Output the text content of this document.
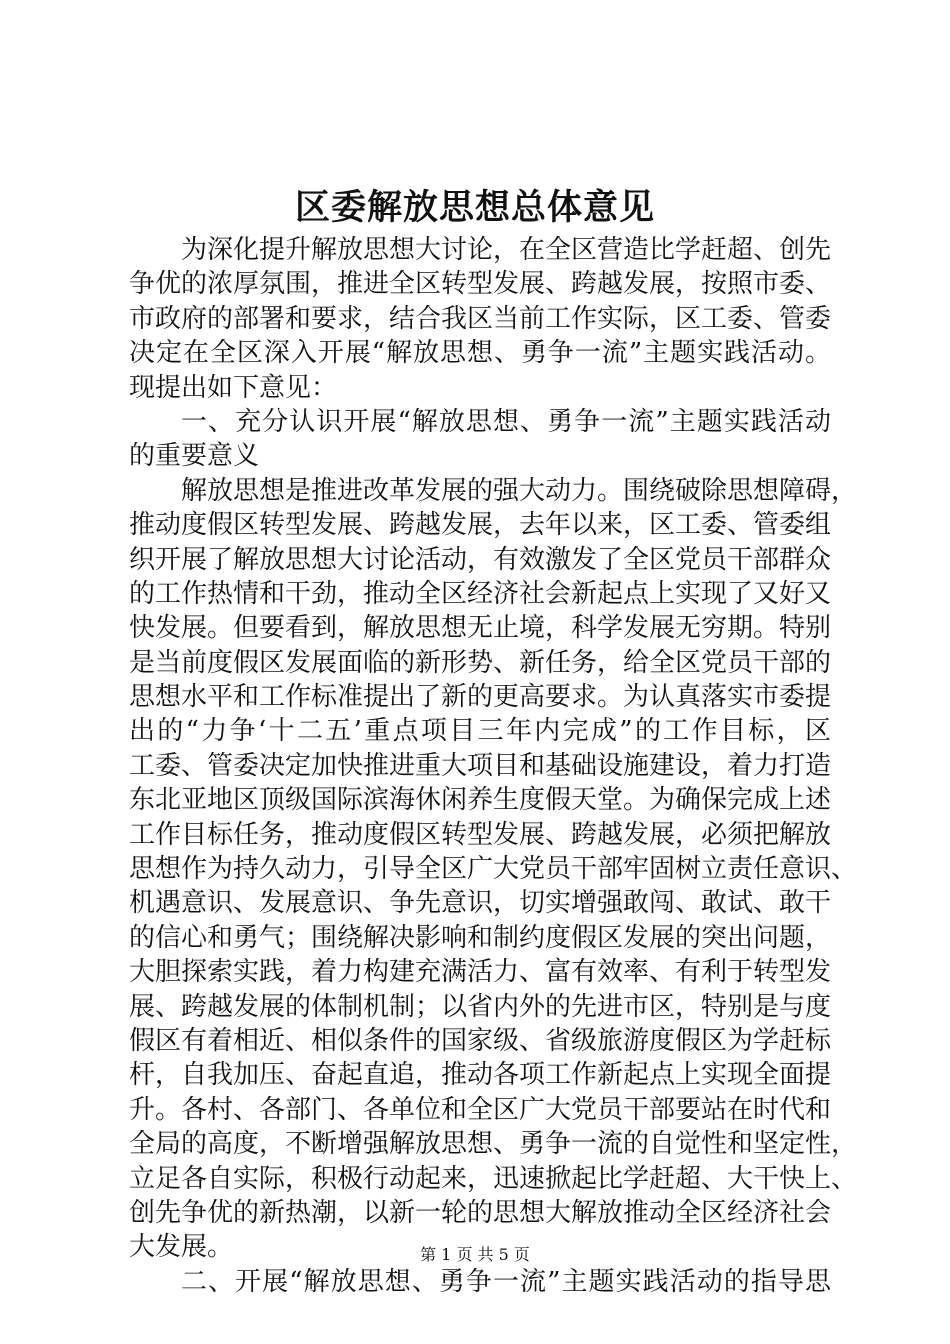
区委解放思想总体意见
为深化提升解放思想大讨论，在全区营造比学赶超、创先
争优的浓厚氛围，推进全区转型发展、跨越发展，按照市委、
市政府的部署和要求，结合我区当前工作实际，区工委、管委
决定在全区深入开展“解放思想、勇争一流”主题实践活动。
现提出如下意见：
一、充分认识开展“解放思想、勇争一流”主题实践活动
的重要意义
解放思想是推进改革发展的强大动力。围绕破除思想障碍，
推动度假区转型发展、跨越发展，去年以来，区工委、管委组
织开展了解放思想大讨论活动，有效激发了全区党员干部群众
的工作热情和干劲，推动全区经济社会新起点上实现了又好又
快发展。但要看到，解放思想无止境，科学发展无穷期。特别
是当前度假区发展面临的新形势、新任务，给全区党员干部的
思想水平和工作标准提出了新的更高要求。为认真落实市委提
出的“力争‘十二五’重点项目三年内完成”的工作目标，区
工委、管委决定加快推进重大项目和基础设施建设，着力打造
东北亚地区顶级国际滨海休闲养生度假天堂。为确保完成上述
工作目标任务，推动度假区转型发展、跨越发展，必须把解放
思想作为持久动力，引导全区广大党员干部牢固树立责任意识、
机遇意识、发展意识、争先意识，切实增强敢闯、敢试、敢干
的信心和勇气；围绕解决影响和制约度假区发展的突出问题，
大胆探索实践，着力构建充满活力、富有效率、有利于转型发
展、跨越发展的体制机制；以省内外的先进市区，特别是与度
假区有着相近、相似条件的国家级、省级旅游度假区为学赶标
杆，自我加压、奋起直追，推动各项工作新起点上实现全面提
升。各村、各部门、各单位和全区广大党员干部要站在时代和
全局的高度，不断增强解放思想、勇争一流的自觉性和坚定性，
立足各自实际，积极行动起来，迅速掀起比学赶超、大干快上、
创先争优的新热潮，以新一轮的思想大解放推动全区经济社会
大发展。
二、开展“解放思想、勇争一流”主题实践活动的指导思
第 1 页 共 5 页
